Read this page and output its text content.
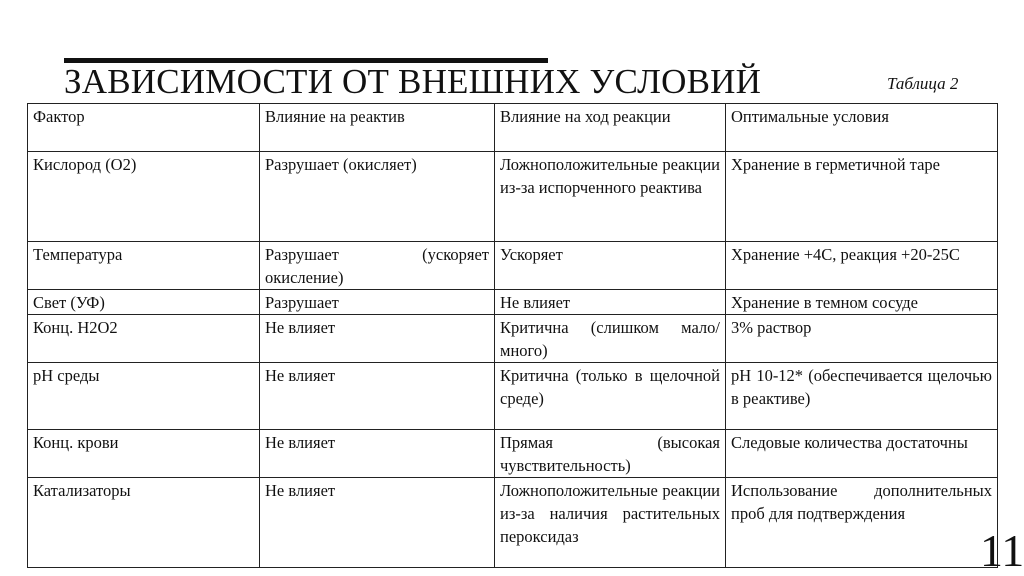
ЗАВИСИМОСТИ ОТ ВНЕШНИХ УСЛОВИЙ	Таблица 2
Фактор	Влияние на реактив	Влияние на ход реакции	Оптимальные условия
Кислород (O2)	Разрушает (окисляет)	Ложноположительные реакции из-за испорченного реактива	Хранение в герметичной таре
Температура	Разрушает (ускоряет окисление)	Ускоряет	Хранение +4С, реакция +20-25С
Свет (УФ)	Разрушает	Не влияет	Хранение в темном сосуде
Конц. Н2О2	Не влияет	Критична (слишком мало/много)	3% раствор
pH среды	Не влияет	Критична (только в щелочной среде)	pH 10-12* (обеспечивается щелочью в реактиве)
Конц. крови	Не влияет	Прямая (высокая чувствительность)	Следовые количества достаточны
Катализаторы	Не влияет	Ложноположительные реакции из-за наличия растительных пероксидаз	Использование дополнительных проб для подтверждения
11
